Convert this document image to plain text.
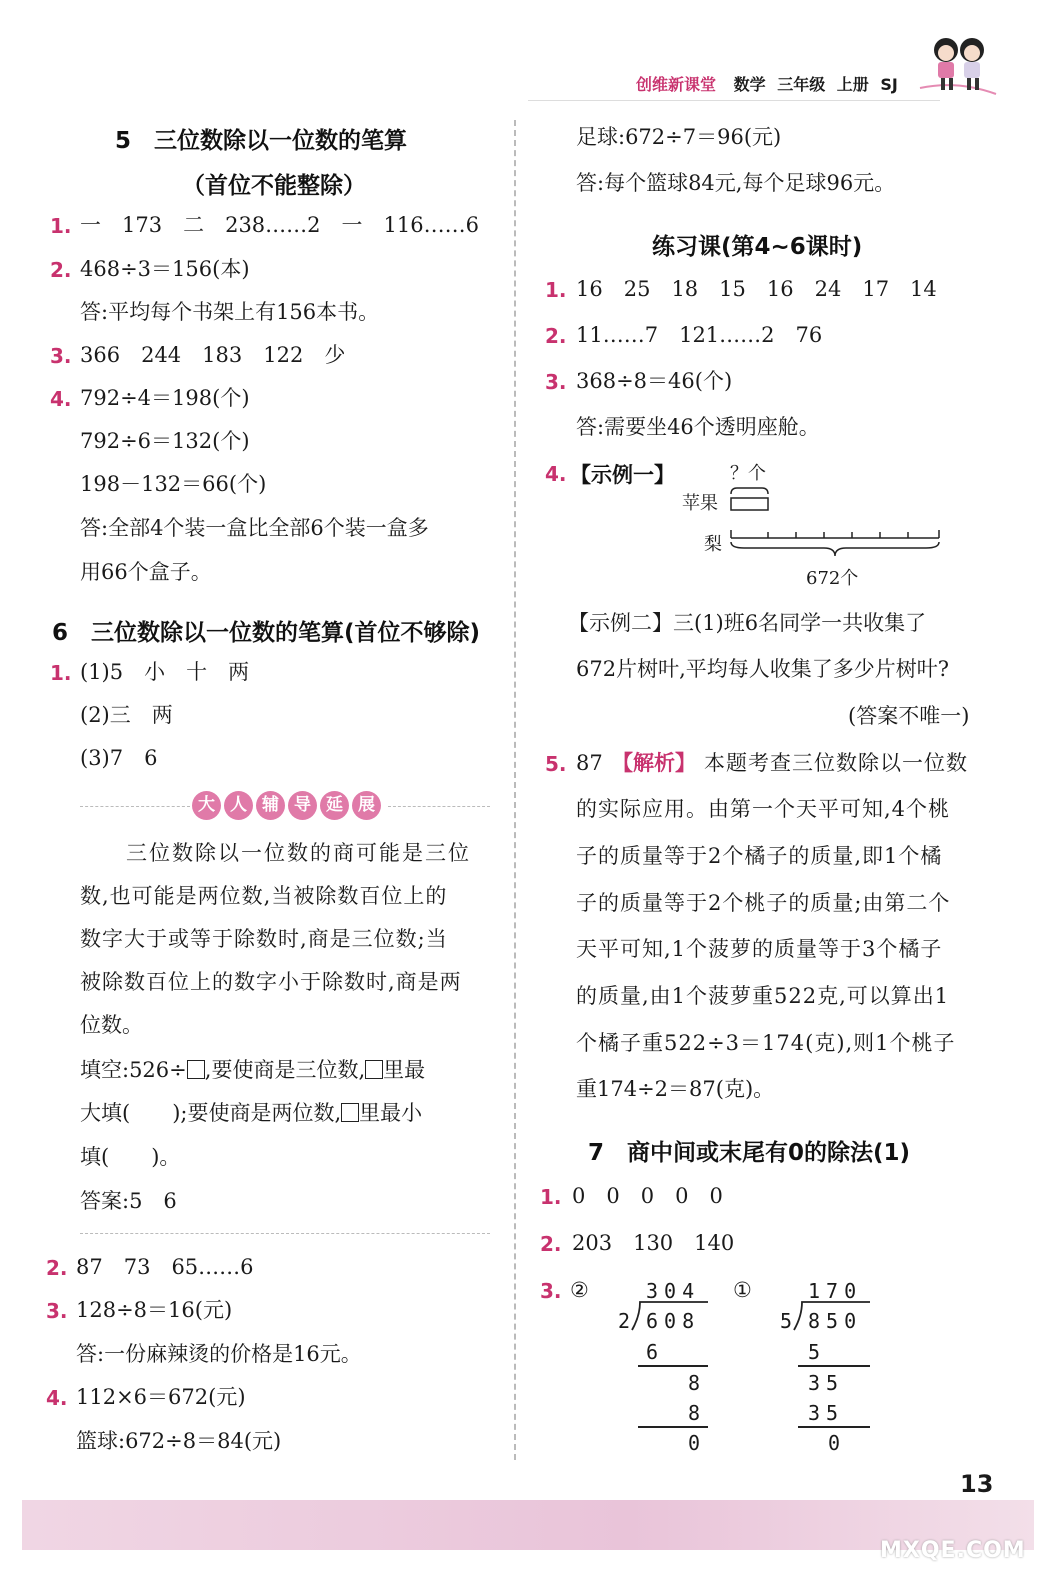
创维新课堂 数学 三年级 上册 SJ
5　三位数除以一位数的笔算
（首位不能整除）
1. 一　173　二　238……2　一　116……6
2. 468÷3＝156(本)
答:平均每个书架上有156本书。
3. 366　244　183　122　少
4. 792÷4＝198(个)
792÷6＝132(个)
198－132＝66(个)
答:全部4个装一盒比全部6个装一盒多
用66个盒子。
6　三位数除以一位数的笔算(首位不够除)
1. (1)5　小　十　两
(2)三　两
(3)7　6
大 人 辅 导 延 展
三位数除以一位数的商可能是三位
数,也可能是两位数,当被除数百位上的
数字大于或等于除数时,商是三位数;当
被除数百位上的数字小于除数时,商是两
位数。
填空:526÷ ,要使商是三位数, 里最
大填(　　);要使商是两位数, 里最小
填(　　)。
答案:5　6
2. 87　73　65……6
3. 128÷8＝16(元)
答:一份麻辣烫的价格是16元。
4. 112×6＝672(元)
篮球:672÷8＝84(元)
足球:672÷7＝96(元)
答:每个篮球84元,每个足球96元。
练习课(第4~6课时)
1. 16　25　18　15　16　24　17　14
2. 11……7　121……2　76
3. 368÷8＝46(个)
答:需要坐46个透明座舱。
4. 【示例一】	？个
苹果
梨
672个
【示例二】三(1)班6名同学一共收集了
672片树叶,平均每人收集了多少片树叶?
(答案不唯一)
5. 87 【解析】 本题考查三位数除以一位数
的实际应用。由第一个天平可知,4个桃
子的质量等于2个橘子的质量,即1个橘
子的质量等于2个桃子的质量;由第二个
天平可知,1个菠萝的质量等于3个橘子
的质量,由1个菠萝重522克,可以算出1
个橘子重522÷3＝174(克),则1个桃子
重174÷2＝87(克)。
7　商中间或末尾有0的除法(1)
1. 0　0　0　0　0
2. 203　130　140
3. ②	①
304
2 608
6
8
8
0
170
5 850
5
35
35
0
13
MXQE.COM
